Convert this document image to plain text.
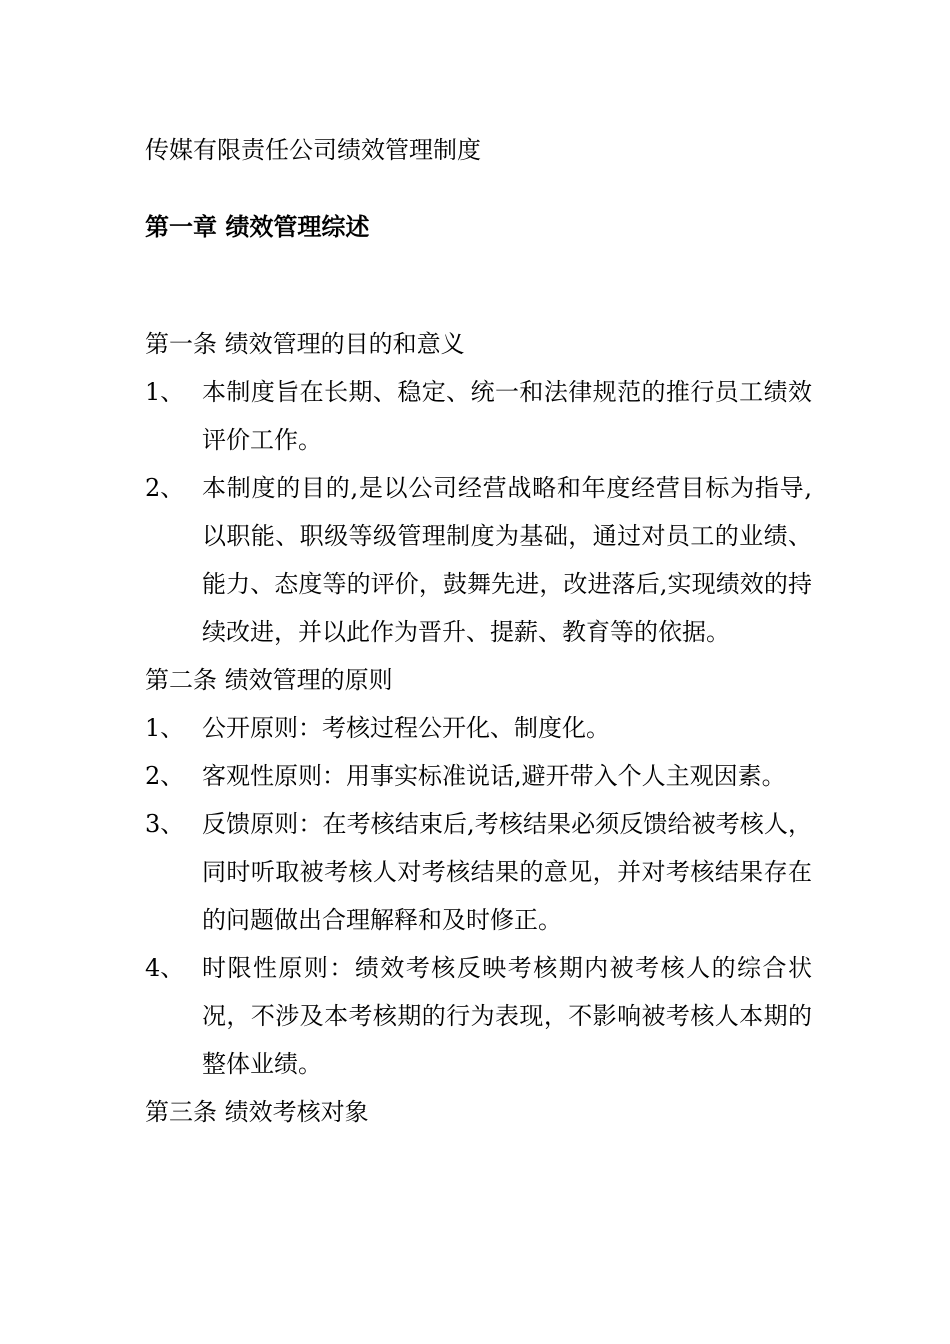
传媒有限责任公司绩效管理制度
第一章 绩效管理综述
第一条 绩效管理的目的和意义
1、 本制度旨在长期、稳定、统一和法律规范的推行员工绩效评价工作。
2、 本制度的目的,是以公司经营战略和年度经营目标为指导,以职能、职级等级管理制度为基础，通过对员工的业绩、能力、态度等的评价，鼓舞先进，改进落后,实现绩效的持续改进，并以此作为晋升、提薪、教育等的依据。
第二条 绩效管理的原则
1、 公开原则：考核过程公开化、制度化。
2、 客观性原则：用事实标准说话,避开带入个人主观因素。
3、 反馈原则：在考核结束后,考核结果必须反馈给被考核人，同时听取被考核人对考核结果的意见，并对考核结果存在的问题做出合理解释和及时修正。
4、 时限性原则：绩效考核反映考核期内被考核人的综合状况，不涉及本考核期的行为表现，不影响被考核人本期的整体业绩。
第三条 绩效考核对象
